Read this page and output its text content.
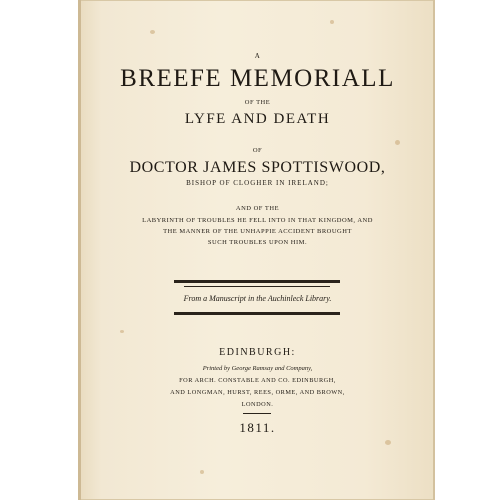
A
BREEFE MEMORIALL
OF THE
LYFE AND DEATH
OF
DOCTOR JAMES SPOTTISWOOD,
BISHOP OF CLOGHER IN IRELAND;
AND OF THE
LABYRINTH OF TROUBLES HE FELL INTO IN THAT KINGDOM, AND
THE MANNER OF THE UNHAPPIE ACCIDENT BROUGHT
SUCH TROUBLES UPON HIM.
From a Manuscript in the Auchinleck Library.
EDINBURGH:
Printed by George Ramsay and Company,
FOR ARCH. CONSTABLE AND CO. EDINBURGH,
AND LONGMAN, HURST, REES, ORME, AND BROWN,
LONDON.
1811.
